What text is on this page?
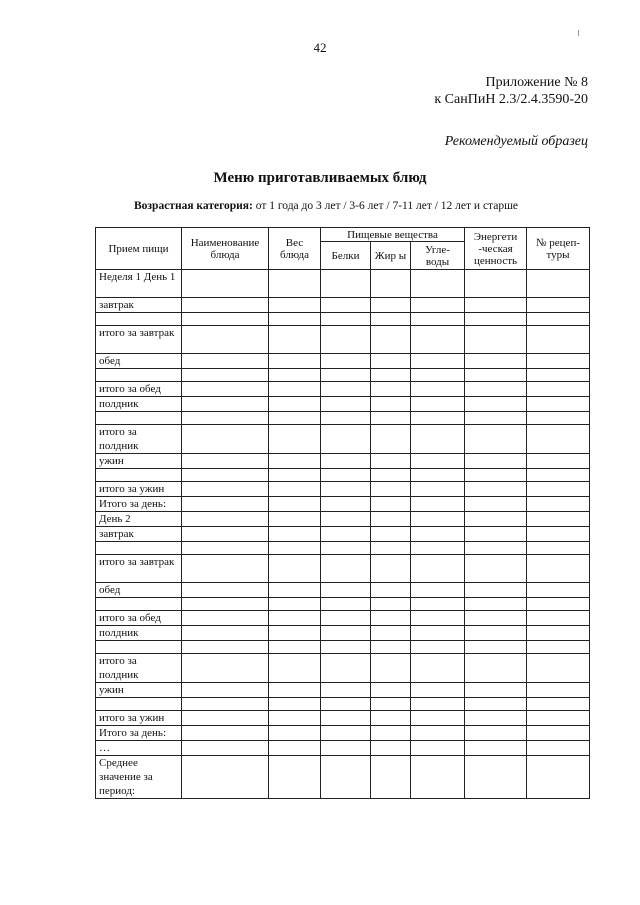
42
Приложение № 8
к СанПиН 2.3/2.4.3590-20
Рекомендуемый образец
Меню приготавливаемых блюд
Возрастная категория: от 1 года до 3 лет / 3-6 лет / 7-11 лет / 12 лет и старше
Прием пищи	Наименование блюда	Вес блюда	Пищевые вещества			Энергети -ческая ценность	№ рецеп- туры
			Белки	Жир ы	Угле- воды		
Неделя 1 День 1							
завтрак							

итого за завтрак							
обед							

итого за обед							
полдник							

итого за полдник							
ужин							

итого за ужин							
Итого за день:							
День 2							
завтрак							

итого за завтрак							
обед							

итого за обед							
полдник							

итого за полдник							
ужин							

итого за ужин							
Итого за день:							
…							
Среднее значение за период:							
